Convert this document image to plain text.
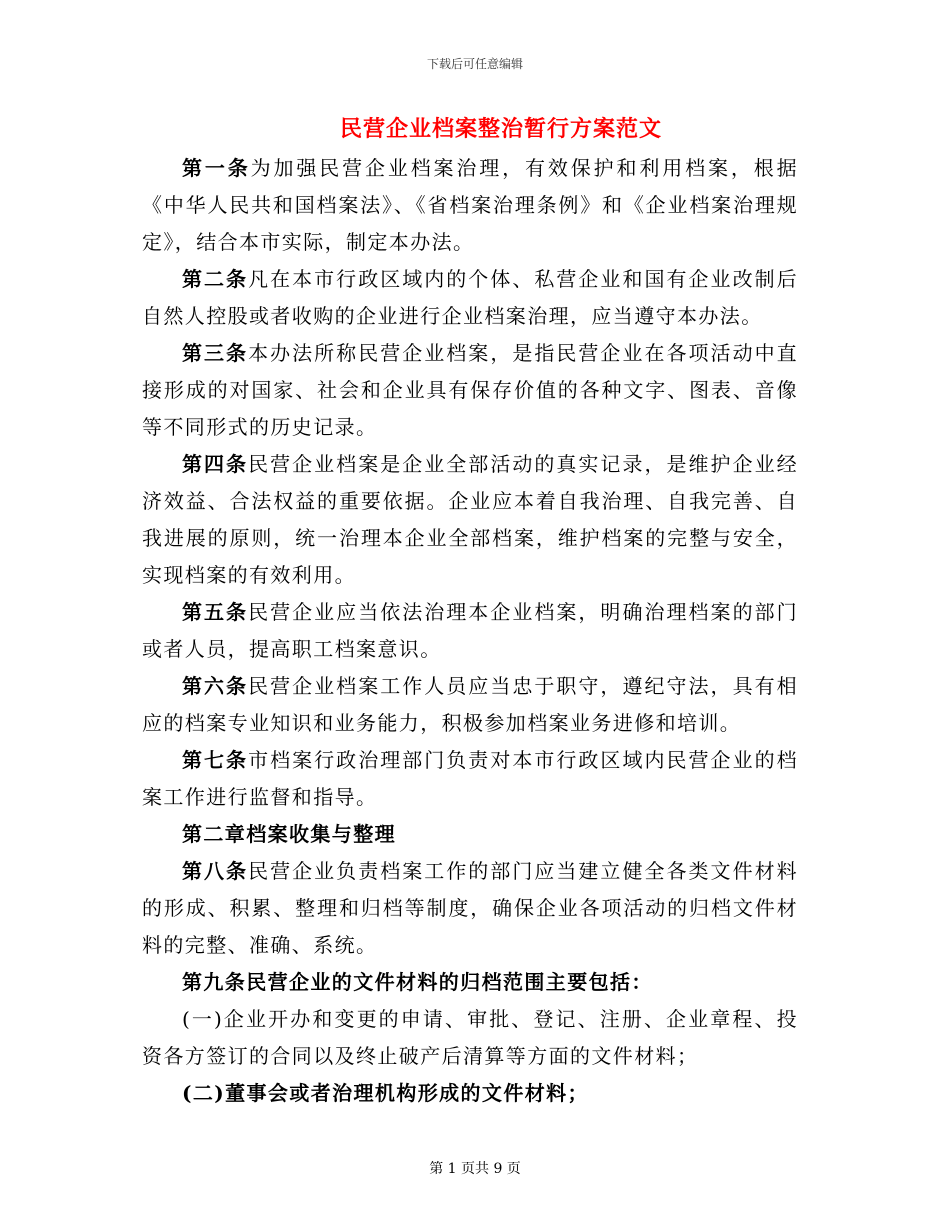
下载后可任意编辑
民营企业档案整治暂行方案范文

第一条为加强民营企业档案治理，有效保护和利用档案，根据《中华人民共和国档案法》、《省档案治理条例》和《企业档案治理规定》，结合本市实际，制定本办法。

第二条凡在本市行政区域内的个体、私营企业和国有企业改制后自然人控股或者收购的企业进行企业档案治理，应当遵守本办法。

第三条本办法所称民营企业档案，是指民营企业在各项活动中直接形成的对国家、社会和企业具有保存价值的各种文字、图表、音像等不同形式的历史记录。

第四条民营企业档案是企业全部活动的真实记录，是维护企业经济效益、合法权益的重要依据。企业应本着自我治理、自我完善、自我进展的原则，统一治理本企业全部档案，维护档案的完整与安全，实现档案的有效利用。

第五条民营企业应当依法治理本企业档案，明确治理档案的部门或者人员，提高职工档案意识。

第六条民营企业档案工作人员应当忠于职守，遵纪守法，具有相应的档案专业知识和业务能力，积极参加档案业务进修和培训。

第七条市档案行政治理部门负责对本市行政区域内民营企业的档案工作进行监督和指导。

第二章档案收集与整理

第八条民营企业负责档案工作的部门应当建立健全各类文件材料的形成、积累、整理和归档等制度，确保企业各项活动的归档文件材料的完整、准确、系统。

第九条民营企业的文件材料的归档范围主要包括：

(一)企业开办和变更的申请、审批、登记、注册、企业章程、投资各方签订的合同以及终止破产后清算等方面的文件材料；

(二)董事会或者治理机构形成的文件材料；

第 1 页共 9 页
